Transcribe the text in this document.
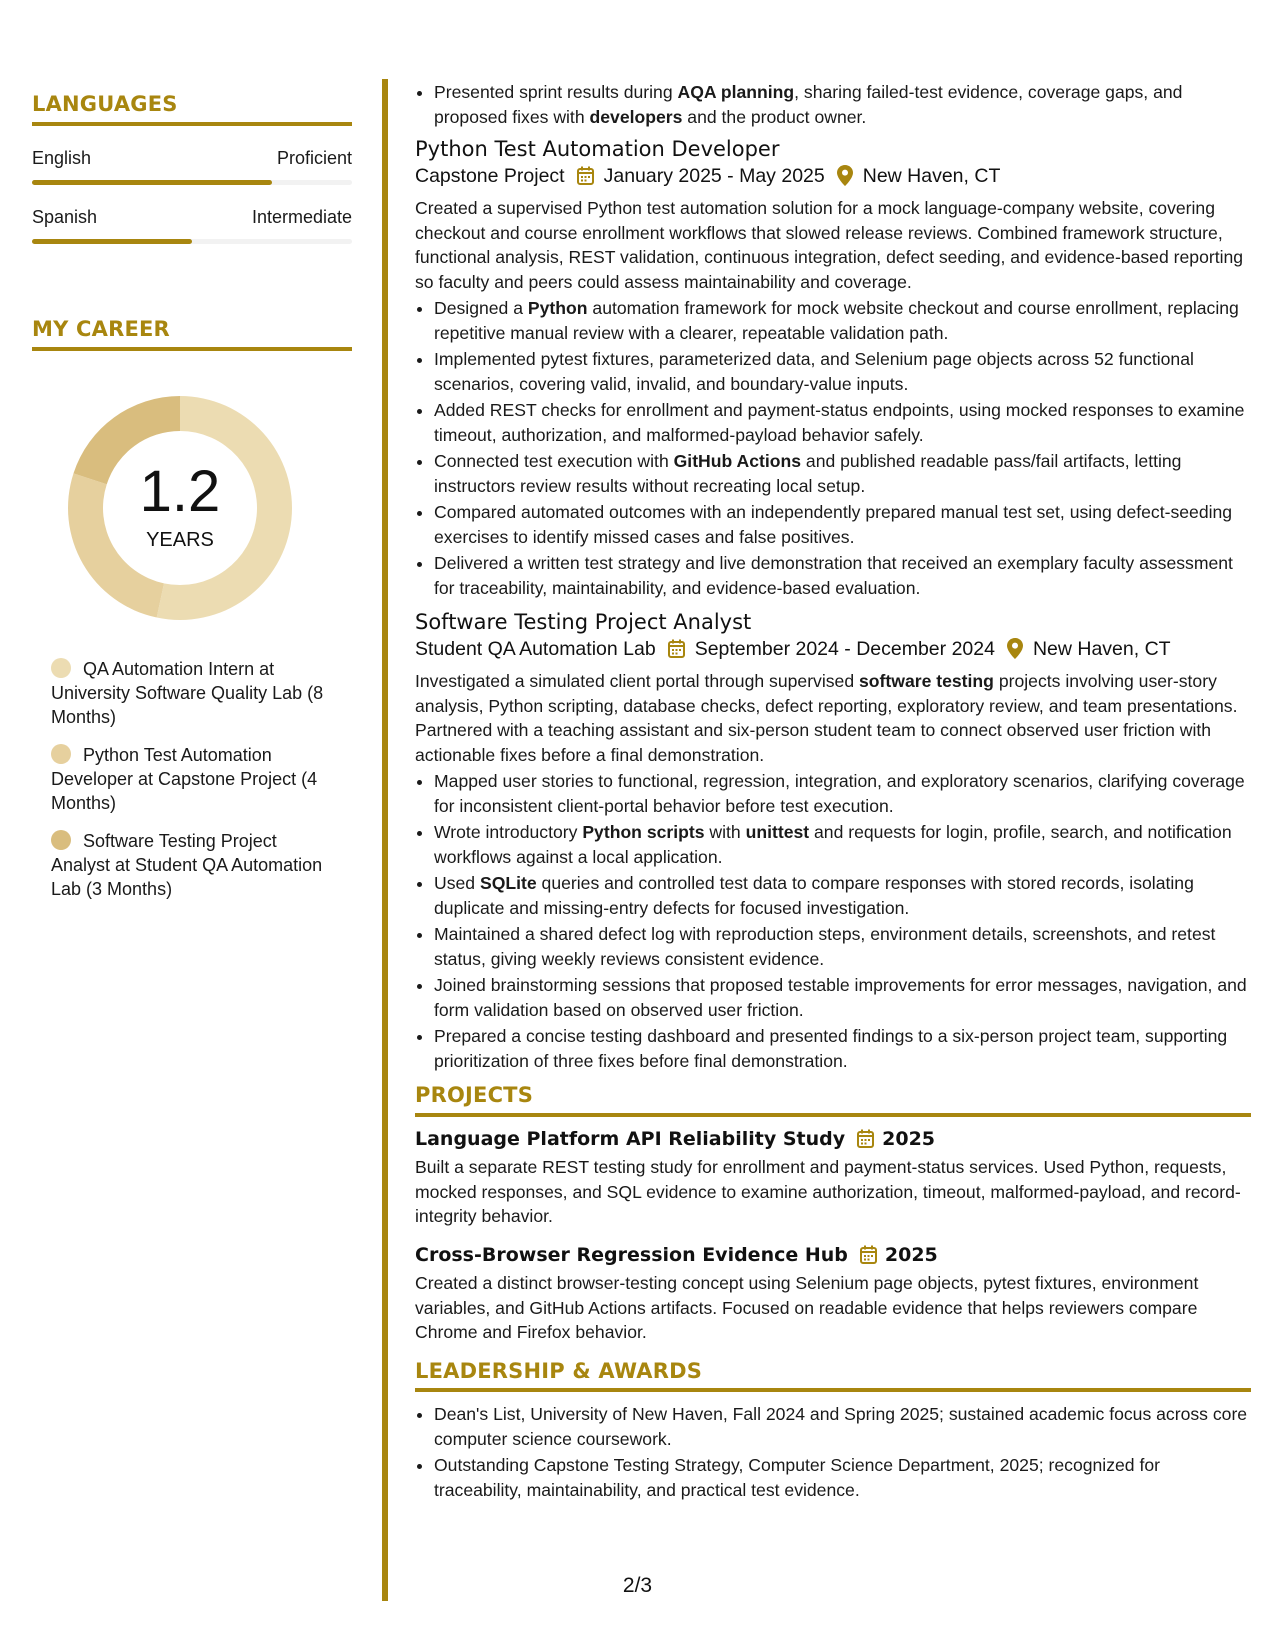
LANGUAGES
English	Proficient
Spanish	Intermediate
MY CAREER
1.2
YEARS
QA Automation Intern at University Software Quality Lab (8 Months)
Python Test Automation Developer at Capstone Project (4 Months)
Software Testing Project Analyst at Student QA Automation Lab (3 Months)
• Presented sprint results during AQA planning, sharing failed-test evidence, coverage gaps, and proposed fixes with developers and the product owner.
Python Test Automation Developer
Capstone Project January 2025 - May 2025 New Haven, CT

Created a supervised Python test automation solution for a mock language-company website, covering checkout and course enrollment workflows that slowed release reviews. Combined framework structure, functional analysis, REST validation, continuous integration, defect seeding, and evidence-based reporting so faculty and peers could assess maintainability and coverage.

• Designed a Python automation framework for mock website checkout and course enrollment, replacing repetitive manual review with a clearer, repeatable validation path.
• Implemented pytest fixtures, parameterized data, and Selenium page objects across 52 functional scenarios, covering valid, invalid, and boundary-value inputs.
• Added REST checks for enrollment and payment-status endpoints, using mocked responses to examine timeout, authorization, and malformed-payload behavior safely.
• Connected test execution with GitHub Actions and published readable pass/fail artifacts, letting instructors review results without recreating local setup.
• Compared automated outcomes with an independently prepared manual test set, using defect-seeding exercises to identify missed cases and false positives.
• Delivered a written test strategy and live demonstration that received an exemplary faculty assessment for traceability, maintainability, and evidence-based evaluation.
Software Testing Project Analyst
Student QA Automation Lab September 2024 - December 2024 New Haven, CT

Investigated a simulated client portal through supervised software testing projects involving user-story analysis, Python scripting, database checks, defect reporting, exploratory review, and team presentations. Partnered with a teaching assistant and six-person student team to connect observed user friction with actionable fixes before a final demonstration.

• Mapped user stories to functional, regression, integration, and exploratory scenarios, clarifying coverage for inconsistent client-portal behavior before test execution.
• Wrote introductory Python scripts with unittest and requests for login, profile, search, and notification workflows against a local application.
• Used SQLite queries and controlled test data to compare responses with stored records, isolating duplicate and missing-entry defects for focused investigation.
• Maintained a shared defect log with reproduction steps, environment details, screenshots, and retest status, giving weekly reviews consistent evidence.
• Joined brainstorming sessions that proposed testable improvements for error messages, navigation, and form validation based on observed user friction.
• Prepared a concise testing dashboard and presented findings to a six-person project team, supporting prioritization of three fixes before final demonstration.
PROJECTS
Language Platform API Reliability Study 2025

Built a separate REST testing study for enrollment and payment-status services. Used Python, requests, mocked responses, and SQL evidence to examine authorization, timeout, malformed-payload, and record-integrity behavior.

Cross-Browser Regression Evidence Hub 2025

Created a distinct browser-testing concept using Selenium page objects, pytest fixtures, environment variables, and GitHub Actions artifacts. Focused on readable evidence that helps reviewers compare Chrome and Firefox behavior.

LEADERSHIP & AWARDS
• Dean's List, University of New Haven, Fall 2024 and Spring 2025; sustained academic focus across core computer science coursework.
• Outstanding Capstone Testing Strategy, Computer Science Department, 2025; recognized for traceability, maintainability, and practical test evidence.
2/3
